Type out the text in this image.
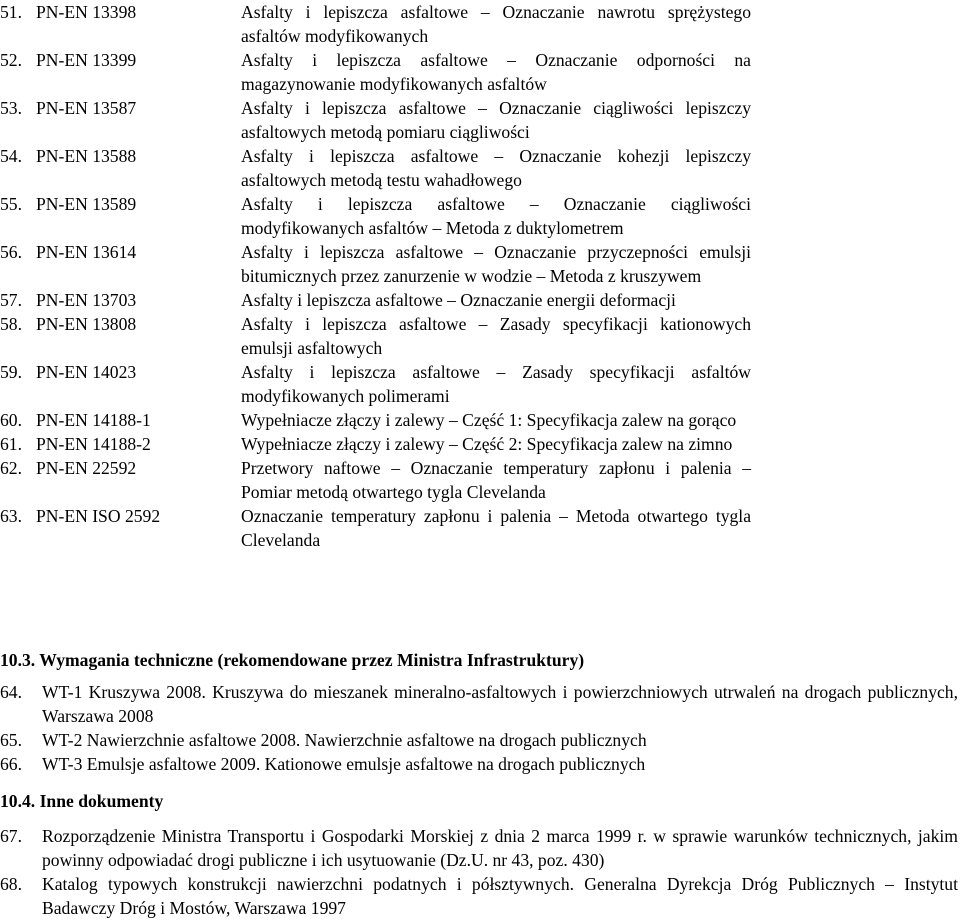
51. PN-EN 13398	Asfalty i lepiszcza asfaltowe – Oznaczanie nawrotu sprężystego asfaltów modyfikowanych
52. PN-EN 13399	Asfalty i lepiszcza asfaltowe – Oznaczanie odporności na magazynowanie modyfikowanych asfaltów
53. PN-EN 13587	Asfalty i lepiszcza asfaltowe – Oznaczanie ciągliwości lepiszczy asfaltowych metodą pomiaru ciągliwości
54. PN-EN 13588	Asfalty i lepiszcza asfaltowe – Oznaczanie kohezji lepiszczy asfaltowych metodą testu wahadłowego
55. PN-EN 13589	Asfalty i lepiszcza asfaltowe – Oznaczanie ciągliwości modyfikowanych asfaltów – Metoda z duktylometrem
56. PN-EN 13614	Asfalty i lepiszcza asfaltowe – Oznaczanie przyczepności emulsji bitumicznych przez zanurzenie w wodzie – Metoda z kruszywem
57. PN-EN 13703	Asfalty i lepiszcza asfaltowe – Oznaczanie energii deformacji
58. PN-EN 13808	Asfalty i lepiszcza asfaltowe – Zasady specyfikacji kationowych emulsji asfaltowych
59. PN-EN 14023	Asfalty i lepiszcza asfaltowe – Zasady specyfikacji asfaltów modyfikowanych polimerami
60. PN-EN 14188-1	Wypełniacze złączy i zalewy – Część 1: Specyfikacja zalew na gorąco
61. PN-EN 14188-2	Wypełniacze złączy i zalewy – Część 2: Specyfikacja zalew na zimno
62. PN-EN 22592	Przetwory naftowe – Oznaczanie temperatury zapłonu i palenia – Pomiar metodą otwartego tygla Clevelanda
63. PN-EN ISO 2592	Oznaczanie temperatury zapłonu i palenia – Metoda otwartego tygla Clevelanda
10.3. Wymagania techniczne (rekomendowane przez Ministra Infrastruktury)
64.	WT-1 Kruszywa 2008. Kruszywa do mieszanek mineralno-asfaltowych i powierzchniowych utrwaleń na drogach publicznych, Warszawa 2008
65.	WT-2 Nawierzchnie asfaltowe 2008. Nawierzchnie asfaltowe na drogach publicznych
66.	WT-3 Emulsje asfaltowe 2009. Kationowe emulsje asfaltowe na drogach publicznych
10.4. Inne dokumenty
67.	Rozporządzenie Ministra Transportu i Gospodarki Morskiej z dnia 2 marca 1999 r. w sprawie warunków technicznych, jakim powinny odpowiadać drogi publiczne i ich usytuowanie (Dz.U. nr 43, poz. 430)
68.	Katalog typowych konstrukcji nawierzchni podatnych i półsztywnych. Generalna Dyrekcja Dróg Publicznych – Instytut Badawczy Dróg i Mostów, Warszawa 1997
